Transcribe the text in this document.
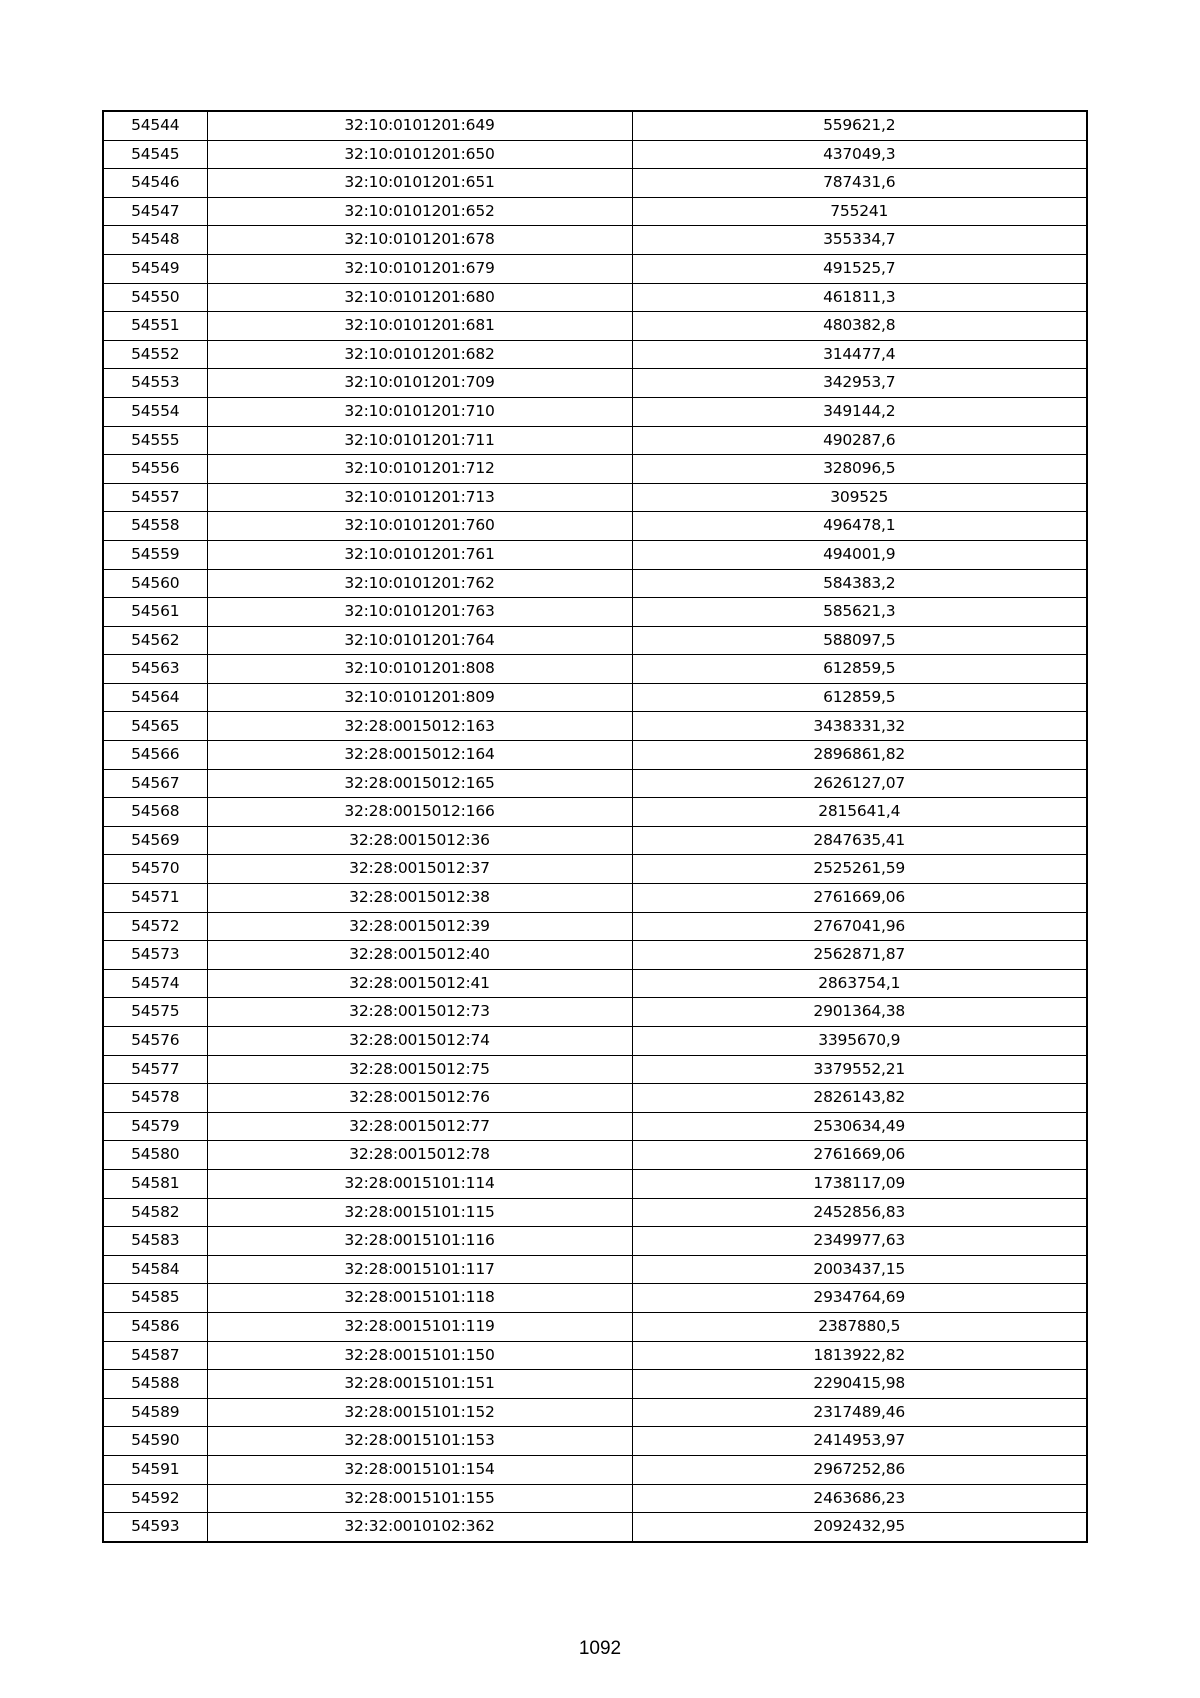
54544	32:10:0101201:649	559621,2
54545	32:10:0101201:650	437049,3
54546	32:10:0101201:651	787431,6
54547	32:10:0101201:652	755241
54548	32:10:0101201:678	355334,7
54549	32:10:0101201:679	491525,7
54550	32:10:0101201:680	461811,3
54551	32:10:0101201:681	480382,8
54552	32:10:0101201:682	314477,4
54553	32:10:0101201:709	342953,7
54554	32:10:0101201:710	349144,2
54555	32:10:0101201:711	490287,6
54556	32:10:0101201:712	328096,5
54557	32:10:0101201:713	309525
54558	32:10:0101201:760	496478,1
54559	32:10:0101201:761	494001,9
54560	32:10:0101201:762	584383,2
54561	32:10:0101201:763	585621,3
54562	32:10:0101201:764	588097,5
54563	32:10:0101201:808	612859,5
54564	32:10:0101201:809	612859,5
54565	32:28:0015012:163	3438331,32
54566	32:28:0015012:164	2896861,82
54567	32:28:0015012:165	2626127,07
54568	32:28:0015012:166	2815641,4
54569	32:28:0015012:36	2847635,41
54570	32:28:0015012:37	2525261,59
54571	32:28:0015012:38	2761669,06
54572	32:28:0015012:39	2767041,96
54573	32:28:0015012:40	2562871,87
54574	32:28:0015012:41	2863754,1
54575	32:28:0015012:73	2901364,38
54576	32:28:0015012:74	3395670,9
54577	32:28:0015012:75	3379552,21
54578	32:28:0015012:76	2826143,82
54579	32:28:0015012:77	2530634,49
54580	32:28:0015012:78	2761669,06
54581	32:28:0015101:114	1738117,09
54582	32:28:0015101:115	2452856,83
54583	32:28:0015101:116	2349977,63
54584	32:28:0015101:117	2003437,15
54585	32:28:0015101:118	2934764,69
54586	32:28:0015101:119	2387880,5
54587	32:28:0015101:150	1813922,82
54588	32:28:0015101:151	2290415,98
54589	32:28:0015101:152	2317489,46
54590	32:28:0015101:153	2414953,97
54591	32:28:0015101:154	2967252,86
54592	32:28:0015101:155	2463686,23
54593	32:32:0010102:362	2092432,95
1092
